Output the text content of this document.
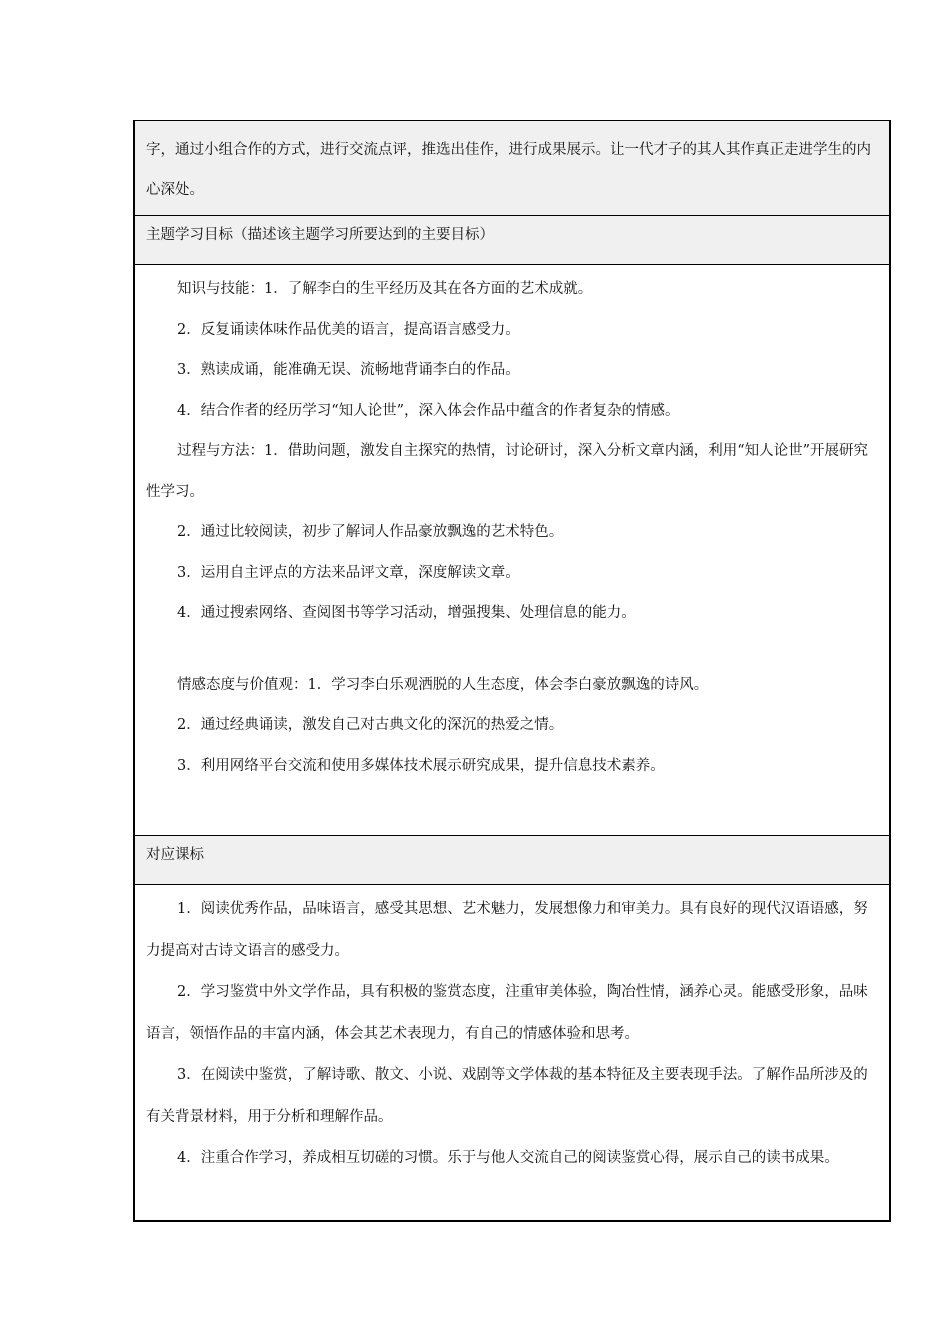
字，通过小组合作的方式，进行交流点评，推选出佳作，进行成果展示。让一代才子的其人其作真正走进学生的内心深处。

主题学习目标（描述该主题学习所要达到的主要目标）

知识与技能：1．了解李白的生平经历及其在各方面的艺术成就。

2．反复诵读体味作品优美的语言，提高语言感受力。

3．熟读成诵，能准确无误、流畅地背诵李白的作品。

4．结合作者的经历学习“知人论世”，深入体会作品中蕴含的作者复杂的情感。

过程与方法：1．借助问题，激发自主探究的热情，讨论研讨，深入分析文章内涵，利用“知人论世”开展研究性学习。

2．通过比较阅读，初步了解词人作品豪放飘逸的艺术特色。

3．运用自主评点的方法来品评文章，深度解读文章。

4．通过搜索网络、查阅图书等学习活动，增强搜集、处理信息的能力。

情感态度与价值观：1．学习李白乐观洒脱的人生态度，体会李白豪放飘逸的诗风。

2．通过经典诵读，激发自己对古典文化的深沉的热爱之情。

3．利用网络平台交流和使用多媒体技术展示研究成果，提升信息技术素养。

对应课标

1．阅读优秀作品，品味语言，感受其思想、艺术魅力，发展想像力和审美力。具有良好的现代汉语语感，努力提高对古诗文语言的感受力。

2．学习鉴赏中外文学作品，具有积极的鉴赏态度，注重审美体验，陶冶性情，涵养心灵。能感受形象，品味语言，领悟作品的丰富内涵，体会其艺术表现力，有自己的情感体验和思考。

3．在阅读中鉴赏，了解诗歌、散文、小说、戏剧等文学体裁的基本特征及主要表现手法。了解作品所涉及的有关背景材料，用于分析和理解作品。

4．注重合作学习，养成相互切磋的习惯。乐于与他人交流自己的阅读鉴赏心得，展示自己的读书成果。
